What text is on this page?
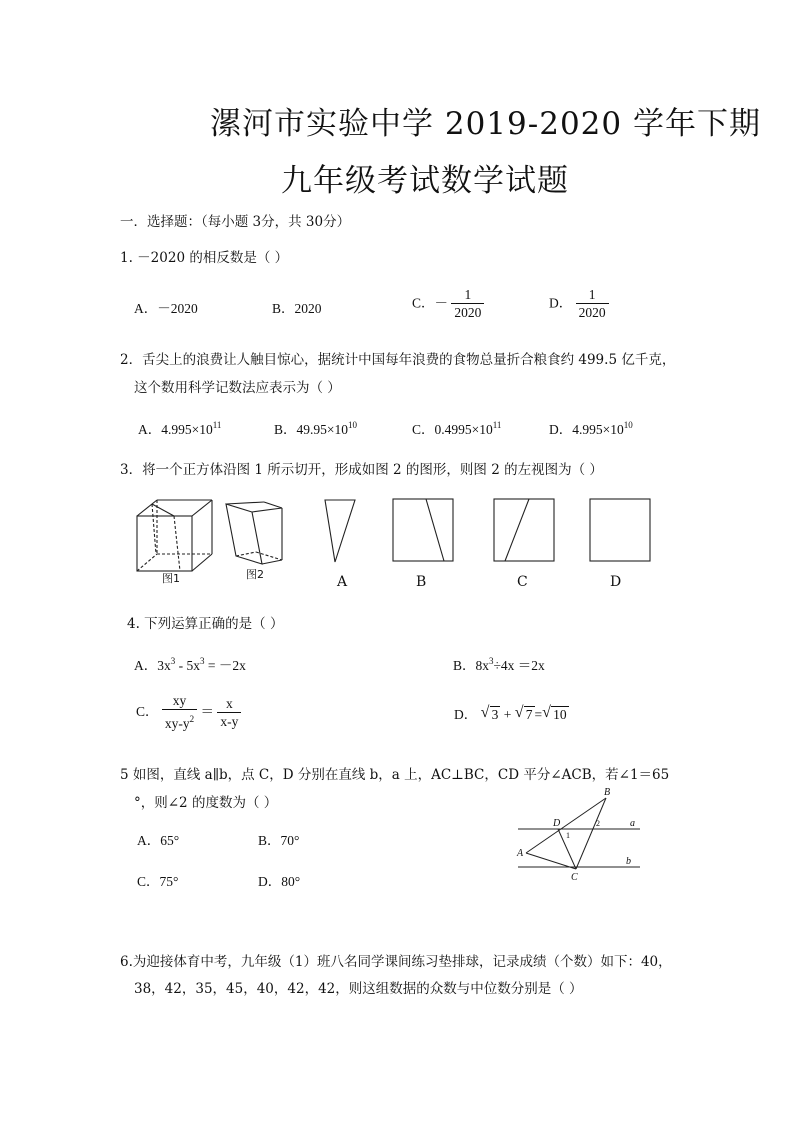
漯河市实验中学 2019-2020 学年下期
九年级考试数学试题
一．选择题：（每小题 3分，共 30分）
1. －2020 的相反数是（ ）
A．－2020	B．2020	C．－ $\frac{1}{2020}$	D． $\frac{1}{2020}$
2．舌尖上的浪费让人触目惊心，据统计中国每年浪费的食物总量折合粮食约 499.5 亿千克，
这个数用科学记数法应表示为（ ）
A．$4.995\times 10^{11}$	B．$49.95\times 10^{10}$	C．$0.4995\times 10^{11}$	D．$4.995\times 10^{10}$
3．将一个正方体沿图 1 所示切开，形成如图 2 的图形，则图 2 的左视图为（ ）
图1	图2	A	B	C	D
4. 下列运算正确的是（ ）
A．$3x^3 - 5x^3 = -2x$	B．$8x^3\div 4x =2x$
C． $\frac{xy}{xy-y^2} = \frac{x}{x-y}$	D． √ 3 + √ 7 = √ 10
5 如图，直线 a∥b，点 C，D 分别在直线 b，a 上，AC⊥BC，CD 平分∠ACB，若∠1＝65
°，则∠2 的度数为（ ）
A．65°	B．70°
C．75°	D．80°
B
D
1
2	a
A
b
C
6.为迎接体育中考，九年级（1）班八名同学课间练习垫排球，记录成绩（个数）如下：40，
38，42，35，45，40，42，42，则这组数据的众数与中位数分别是（ ）
